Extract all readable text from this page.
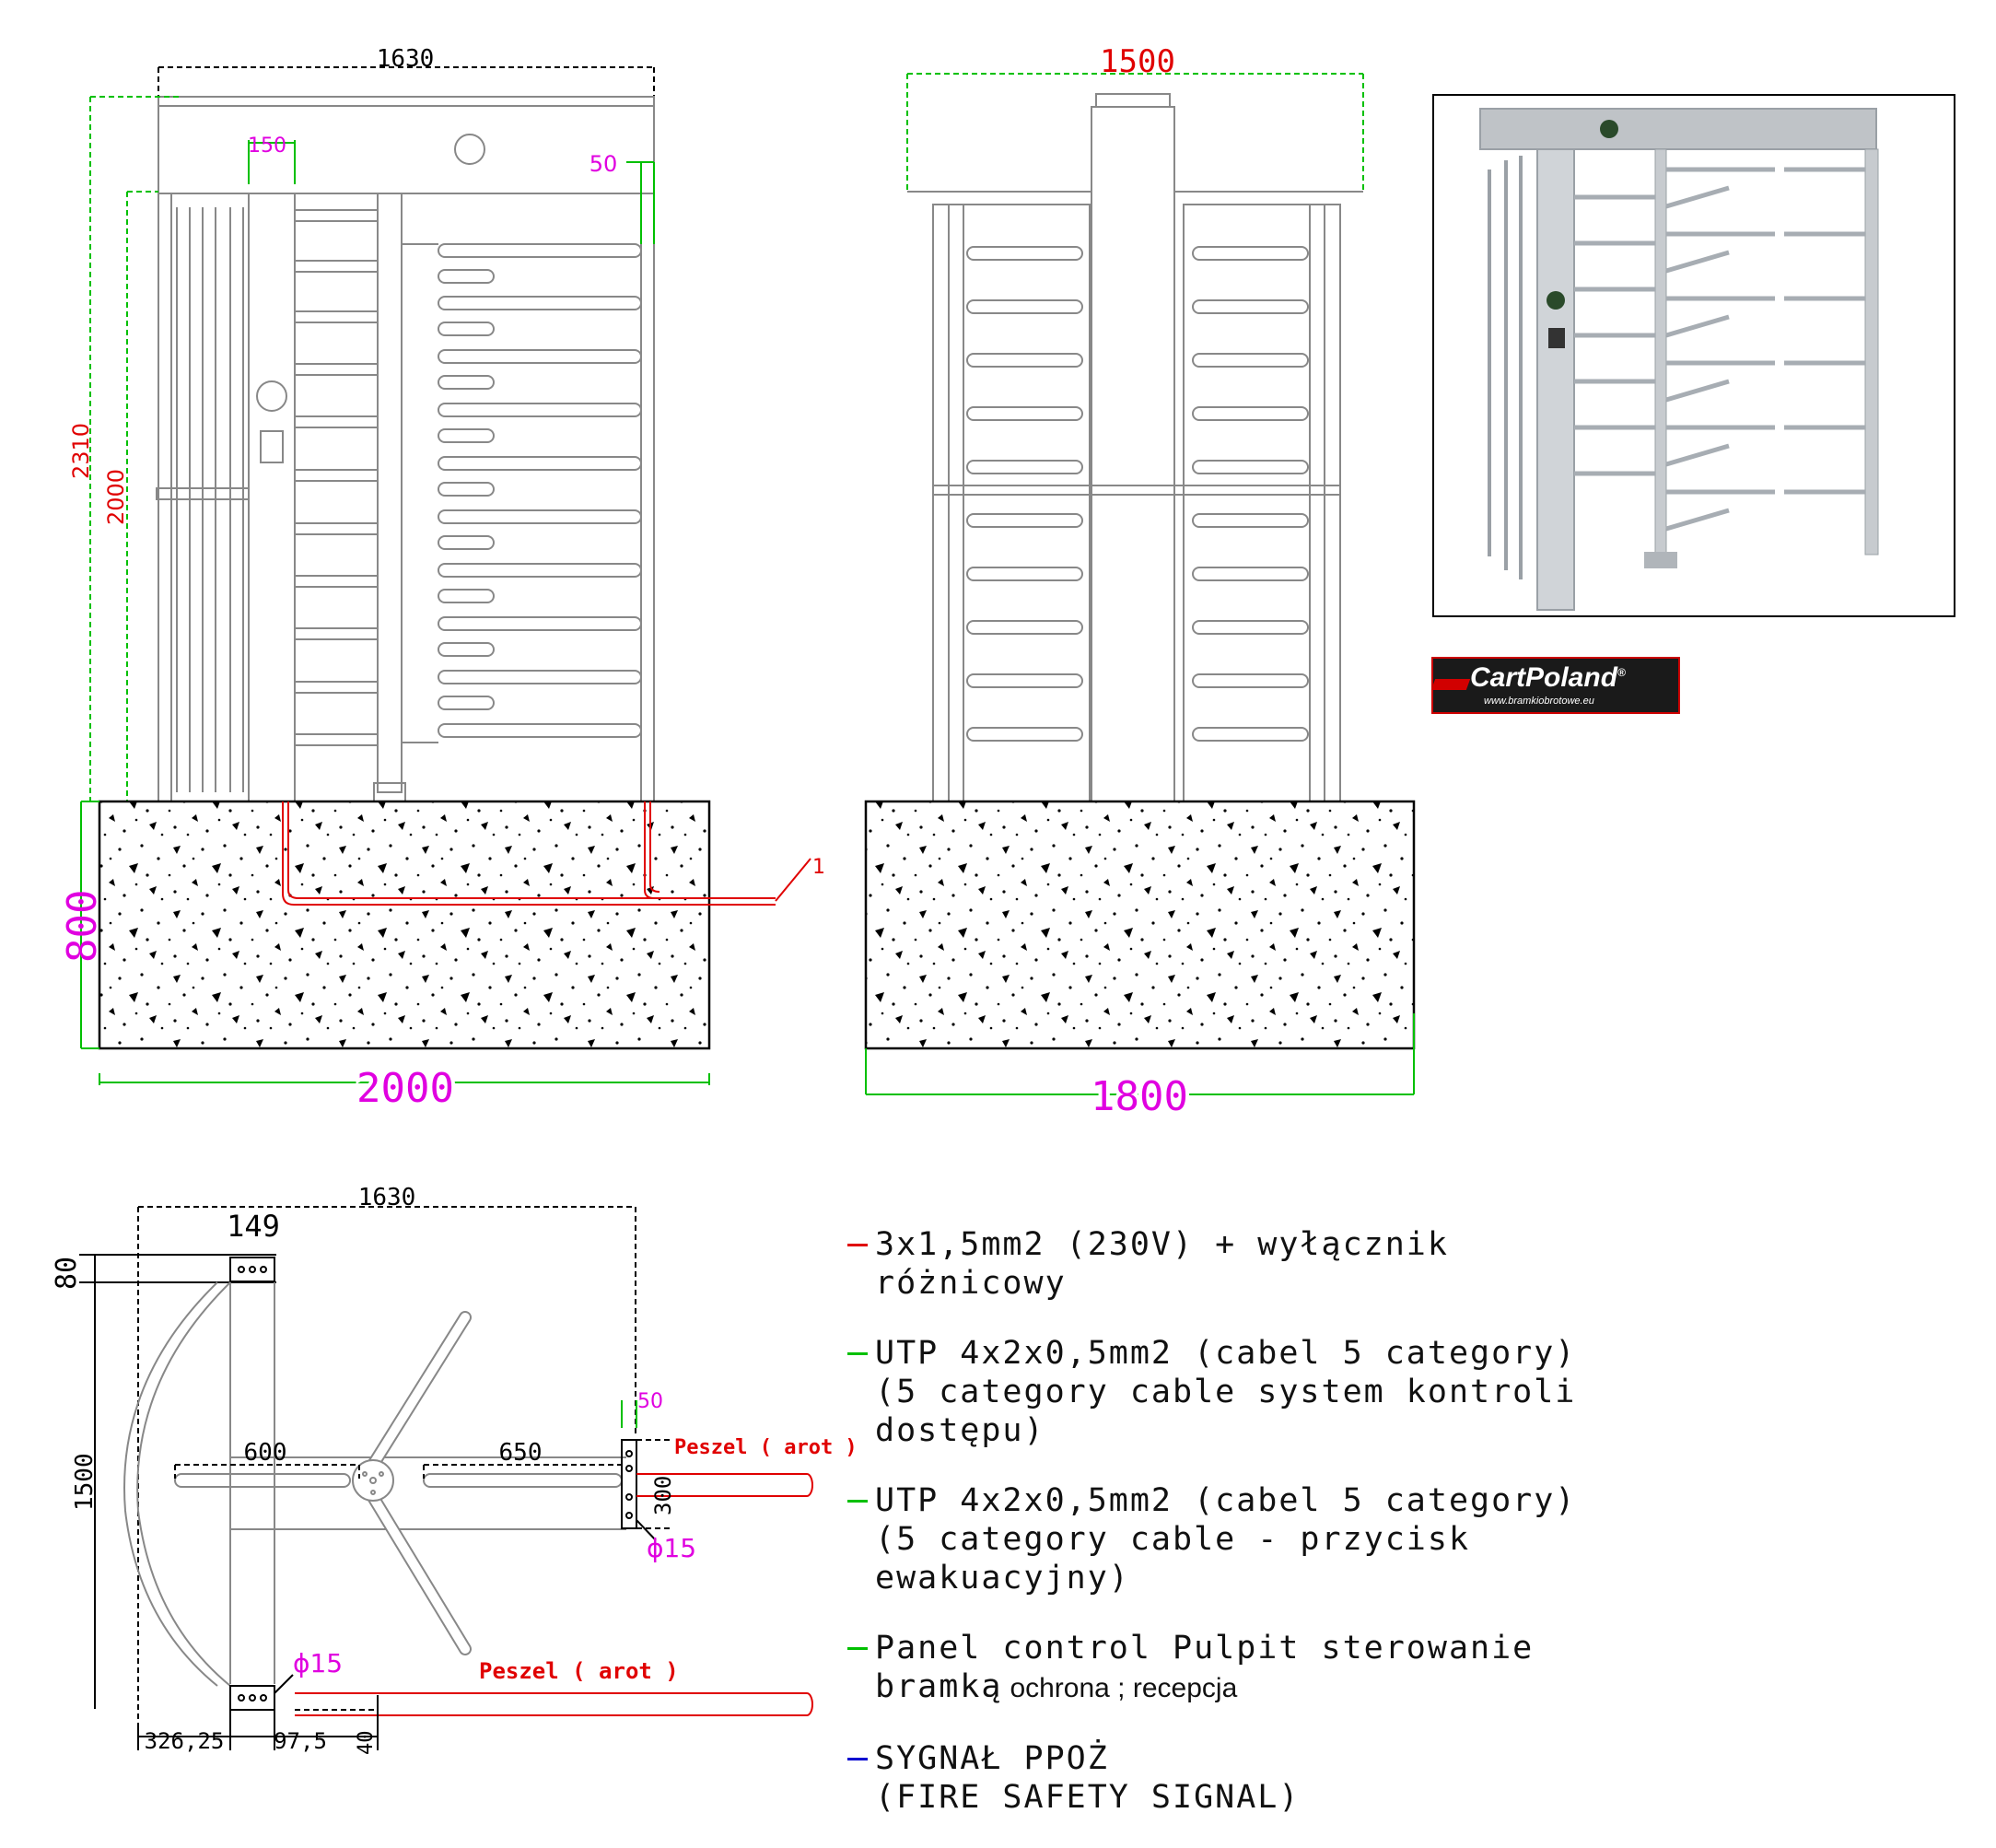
1630
150
50
2310
2000
800
2000
1
1500
1800
1630
149
80
1500
600	650
50
300
ɸ15
ɸ15
Peszel ( arot )
Peszel ( arot )
326,25 97,5 40
CartPoland®
www.bramkiobrotowe.eu
3x1,5mm2 (230V) + wyłącznik
różnicowy
UTP 4x2x0,5mm2 (cabel 5 category)
(5 category cable system kontroli
dostępu)
UTP 4x2x0,5mm2 (cabel 5 category)
(5 category cable - przycisk
ewakuacyjny)
Panel control Pulpit sterowanie
bramką ochrona ; recepcja
SYGNAŁ PPOŻ
(FIRE SAFETY SIGNAL)
